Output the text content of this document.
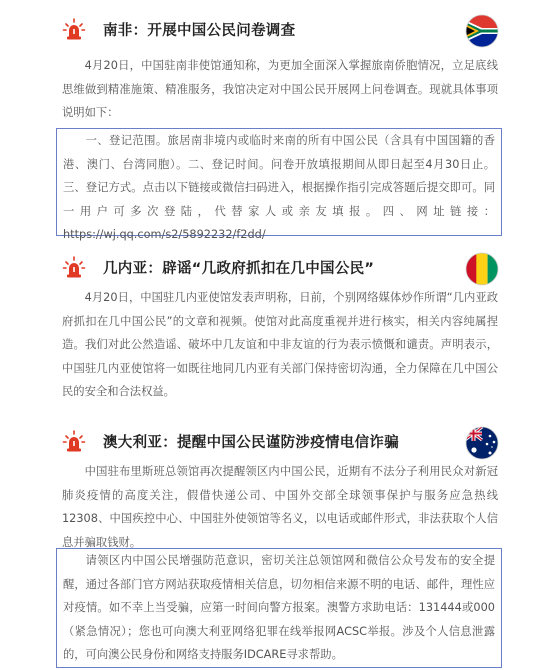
南非：开展中国公民问卷调查
4月20日，中国驻南非使馆通知称，为更加全面深入掌握旅南侨胞情况，立足底线思维做到精准施策、精准服务，我馆决定对中国公民开展网上问卷调查。现就具体事项说明如下：
一、登记范围。旅居南非境内或临时来南的所有中国公民（含具有中国国籍的香港、澳门、台湾同胞）。二、登记时间。问卷开放填报期间从即日起至4月30日止。三、登记方式。点击以下链接或微信扫码进入，根据操作指引完成答题后提交即可。同一用户可多次登陆，代替家人或亲友填报。四、网址链接：https://wj.qq.com/s2/5892232/f2dd/
几内亚：辟谣“几政府抓扣在几中国公民”
4月20日，中国驻几内亚使馆发表声明称，日前，个别网络媒体炒作所谓“几内亚政府抓扣在几中国公民”的文章和视频。使馆对此高度重视并进行核实，相关内容纯属捏造。我们对此公然造谣、破坏中几友谊和中非友谊的行为表示愤慨和谴责。声明表示，中国驻几内亚使馆将一如既往地同几内亚有关部门保持密切沟通，全力保障在几中国公民的安全和合法权益。
澳大利亚：提醒中国公民谨防涉疫情电信诈骗
中国驻布里斯班总领馆再次提醒领区内中国公民，近期有不法分子利用民众对新冠肺炎疫情的高度关注，假借快递公司、中国外交部全球领事保护与服务应急热线12308、中国疾控中心、中国驻外使领馆等名义，以电话或邮件形式，非法获取个人信息并骗取钱财。
请领区内中国公民增强防范意识，密切关注总领馆网和微信公众号发布的安全提醒，通过各部门官方网站获取疫情相关信息，切勿相信来源不明的电话、邮件，理性应对疫情。如不幸上当受骗，应第一时间向警方报案。澳警方求助电话：131444或000（紧急情况）；您也可向澳大利亚网络犯罪在线举报网ACSC举报。涉及个人信息泄露的，可向澳公民身份和网络支持服务IDCARE寻求帮助。
